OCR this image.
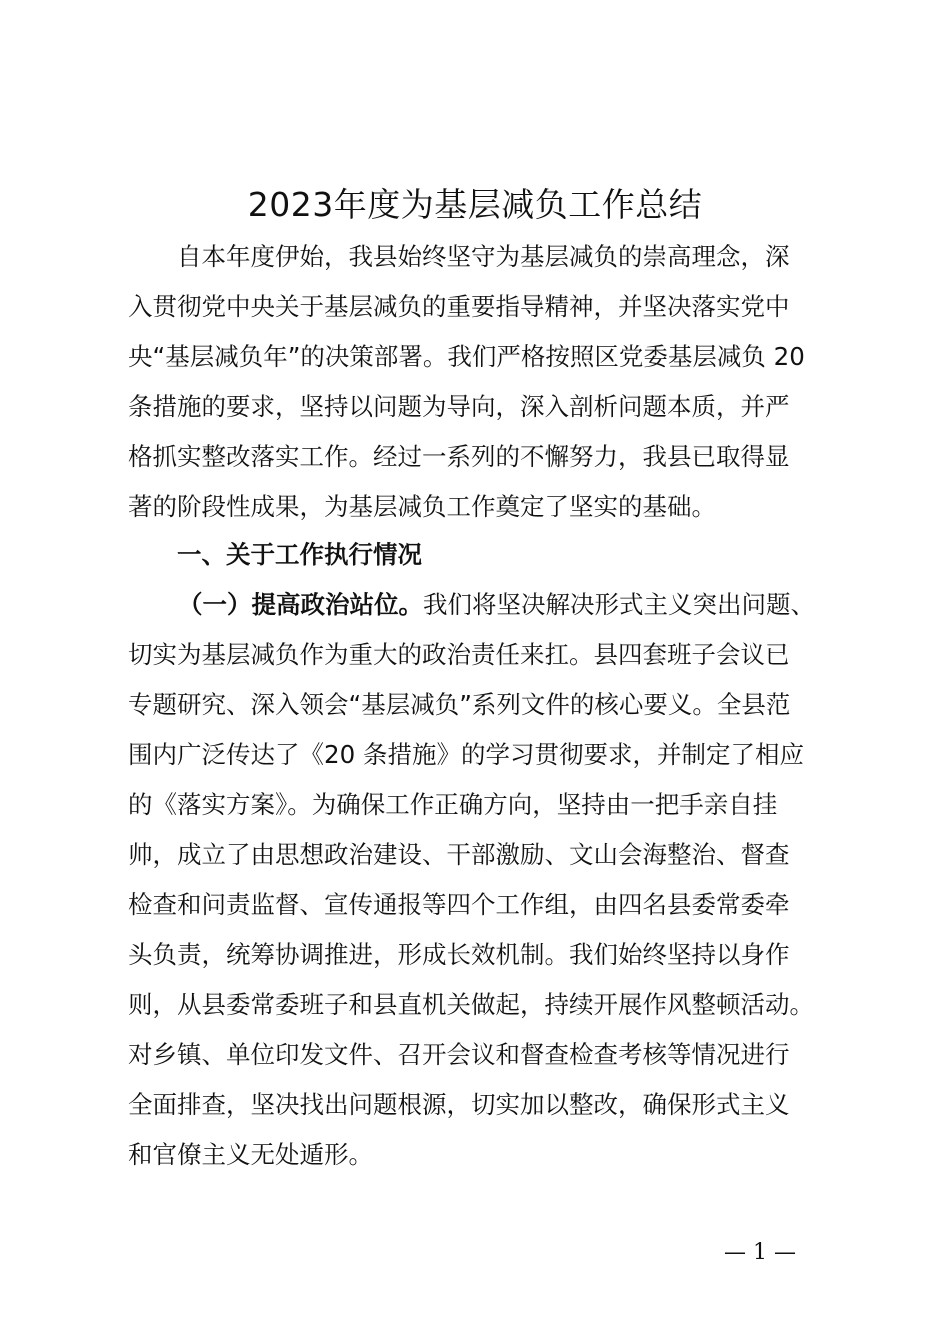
2023年度为基层减负工作总结
　　自本年度伊始，我县始终坚守为基层减负的崇高理念，深
入贯彻党中央关于基层减负的重要指导精神，并坚决落实党中
央“基层减负年”的决策部署。我们严格按照区党委基层减负 20
条措施的要求，坚持以问题为导向，深入剖析问题本质，并严
格抓实整改落实工作。经过一系列的不懈努力，我县已取得显
著的阶段性成果，为基层减负工作奠定了坚实的基础。
一、关于工作执行情况
（一）提高政治站位。我们将坚决解决形式主义突出问题、
切实为基层减负作为重大的政治责任来扛。县四套班子会议已
专题研究、深入领会“基层减负”系列文件的核心要义。全县范
围内广泛传达了《20 条措施》的学习贯彻要求，并制定了相应
的《落实方案》。为确保工作正确方向，坚持由一把手亲自挂
帅，成立了由思想政治建设、干部激励、文山会海整治、督查
检查和问责监督、宣传通报等四个工作组，由四名县委常委牵
头负责，统筹协调推进，形成长效机制。我们始终坚持以身作
则，从县委常委班子和县直机关做起，持续开展作风整顿活动。
对乡镇、单位印发文件、召开会议和督查检查考核等情况进行
全面排查，坚决找出问题根源，切实加以整改，确保形式主义
和官僚主义无处遁形。
— 1 —
